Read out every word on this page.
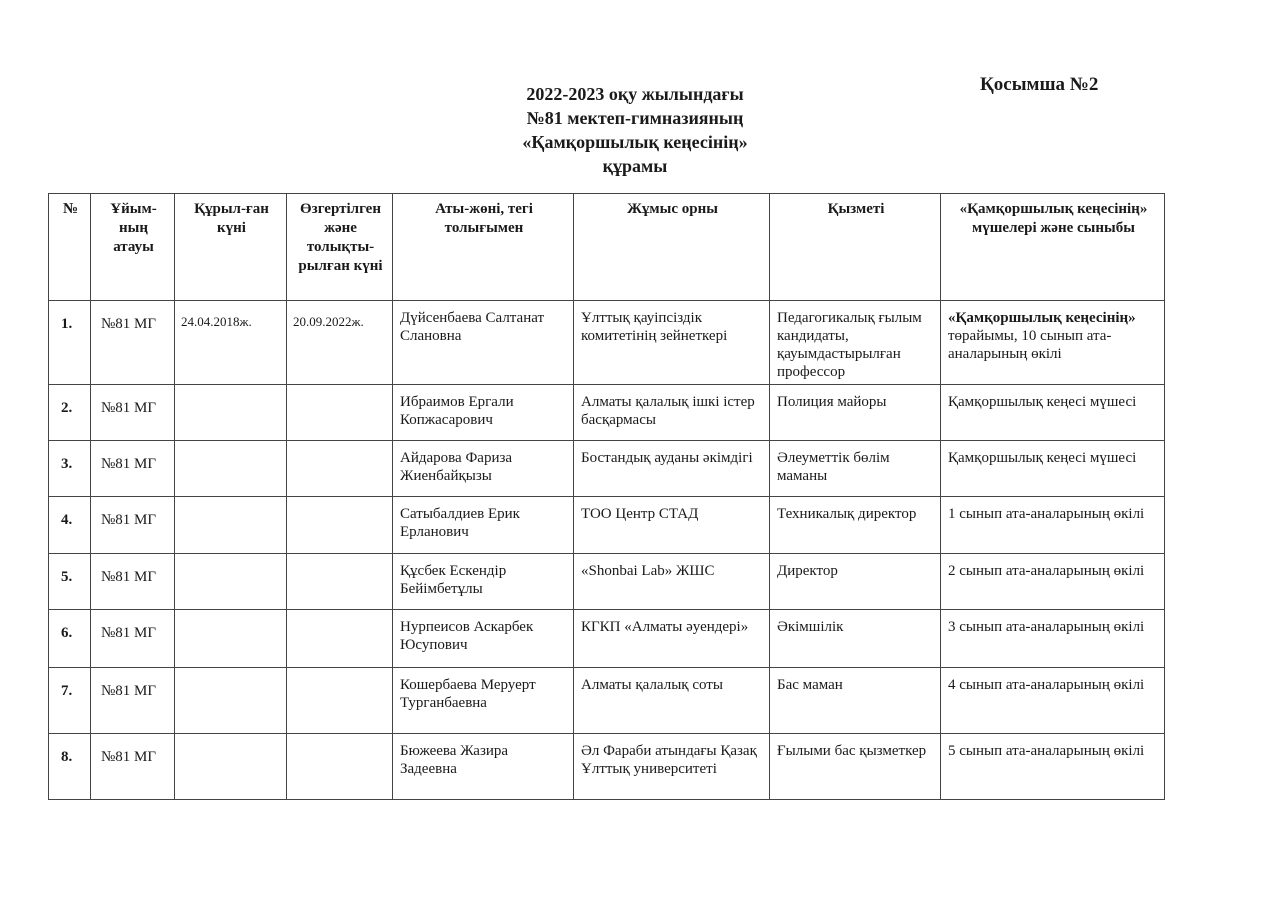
2022-2023 оқу жылындағы
№81 мектеп-гимназияның
«Қамқоршылық кеңесінің»
құрамы
Қосымша №2
№	Ұйым-ның атауы	Құрыл-ған күні	Өзгертілген және толықты-рылған күні	Аты-жөні, тегі толығымен	Жұмыс орны	Қызметі	«Қамқоршылық кеңесінің» мүшелері және сыныбы
1.	№81 МГ	24.04.2018ж.	20.09.2022ж.	Дүйсенбаева Салтанат Слановна	Ұлттық қауіпсіздік комитетінің зейнеткері	Педагогикалық ғылым кандидаты, қауымдастырылған профессор	«Қамқоршылық кеңесінің» төрайымы, 10 сынып ата-аналарының өкілі
2.	№81 МГ			Ибраимов Ергали Копжасарович	Алматы қалалық ішкі істер басқармасы	Полиция майоры	Қамқоршылық кеңесі мүшесі
3.	№81 МГ			Айдарова Фариза Жиенбайқызы	Бостандық ауданы әкімдігі	Әлеуметтік бөлім маманы	Қамқоршылық кеңесі мүшесі
4.	№81 МГ			Сатыбалдиев Ерик Ерланович	ТОО Центр СТАД	Техникалық директор	1 сынып ата-аналарының өкілі
5.	№81 МГ			Құсбек Ескендір Бейімбетұлы	«Shonbai Lab» ЖШС	Директор	2 сынып ата-аналарының өкілі
6.	№81 МГ			Нурпеисов Аскарбек Юсупович	КГКП «Алматы әуендері»	Әкімшілік	3 сынып ата-аналарының өкілі
7.	№81 МГ			Кошербаева Меруерт Турганбаевна	Алматы қалалық соты	Бас маман	4 сынып ата-аналарының өкілі
8.	№81 МГ			Бюжеева Жазира Задеевна	Әл Фараби атындағы Қазақ Ұлттық университеті	Ғылыми бас қызметкер	5 сынып ата-аналарының өкілі
